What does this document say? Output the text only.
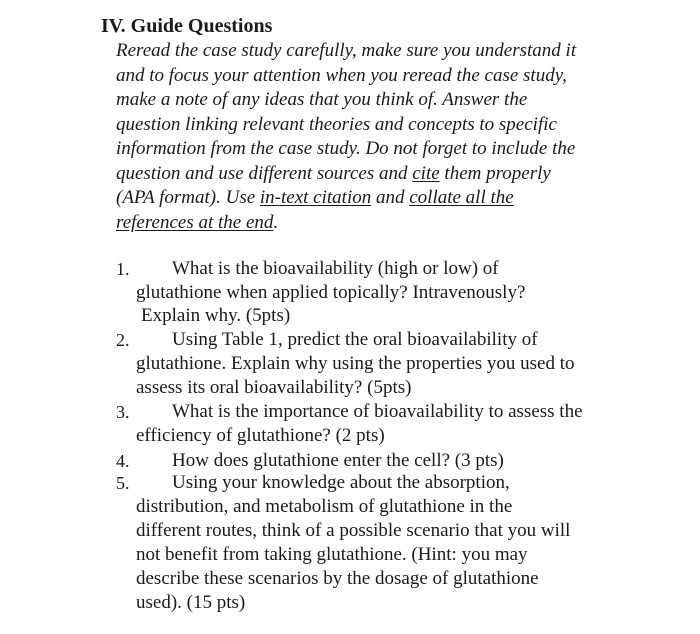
IV. Guide Questions
Reread the case study carefully, make sure you understand it
and to focus your attention when you reread the case study,
make a note of any ideas that you think of. Answer the
question linking relevant theories and concepts to specific
information from the case study. Do not forget to include the
question and use different sources and cite them properly
(APA format). Use in-text citation and collate all the
references at the end.
1. What is the bioavailability (high or low) of
glutathione when applied topically? Intravenously?
Explain why. (5pts)
2. Using Table 1, predict the oral bioavailability of
glutathione. Explain why using the properties you used to
assess its oral bioavailability? (5pts)
3. What is the importance of bioavailability to assess the
efficiency of glutathione? (2 pts)
4. How does glutathione enter the cell? (3 pts)
5. Using your knowledge about the absorption,
distribution, and metabolism of glutathione in the
different routes, think of a possible scenario that you will
not benefit from taking glutathione. (Hint: you may
describe these scenarios by the dosage of glutathione
used). (15 pts)
